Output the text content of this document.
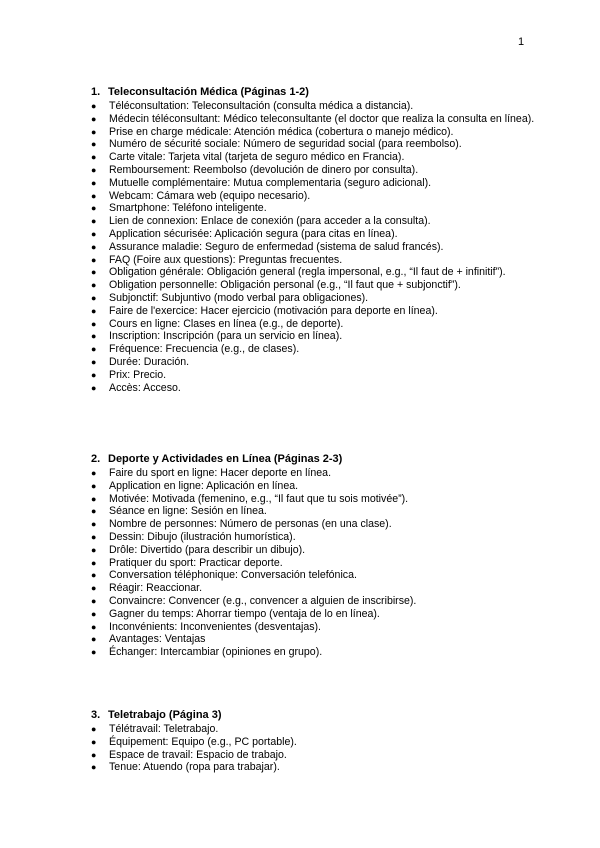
1
1. Teleconsultación Médica (Páginas 1-2)
● Téléconsultation: Teleconsultación (consulta médica a distancia).
● Médecin téléconsultant: Médico teleconsultante (el doctor que realiza la consulta en línea).
● Prise en charge médicale: Atención médica (cobertura o manejo médico).
● Numéro de sécurité sociale: Número de seguridad social (para reembolso).
● Carte vitale: Tarjeta vital (tarjeta de seguro médico en Francia).
● Remboursement: Reembolso (devolución de dinero por consulta).
● Mutuelle complémentaire: Mutua complementaria (seguro adicional).
● Webcam: Cámara web (equipo necesario).
● Smartphone: Teléfono inteligente.
● Lien de connexion: Enlace de conexión (para acceder a la consulta).
● Application sécurisée: Aplicación segura (para citas en línea).
● Assurance maladie: Seguro de enfermedad (sistema de salud francés).
● FAQ (Foire aux questions): Preguntas frecuentes.
● Obligation générale: Obligación general (regla impersonal, e.g., “Il faut de + infinitif”).
● Obligation personnelle: Obligación personal (e.g., “Il faut que + subjonctif”).
● Subjonctif: Subjuntivo (modo verbal para obligaciones).
● Faire de l'exercice: Hacer ejercicio (motivación para deporte en línea).
● Cours en ligne: Clases en línea (e.g., de deporte).
● Inscription: Inscripción (para un servicio en línea).
● Fréquence: Frecuencia (e.g., de clases).
● Durée: Duración.
● Prix: Precio.
● Accès: Acceso.
2. Deporte y Actividades en Línea (Páginas 2-3)
● Faire du sport en ligne: Hacer deporte en línea.
● Application en ligne: Aplicación en línea.
● Motivée: Motivada (femenino, e.g., “Il faut que tu sois motivée”).
● Séance en ligne: Sesión en línea.
● Nombre de personnes: Número de personas (en una clase).
● Dessin: Dibujo (ilustración humorística).
● Drôle: Divertido (para describir un dibujo).
● Pratiquer du sport: Practicar deporte.
● Conversation téléphonique: Conversación telefónica.
● Réagir: Reaccionar.
● Convaincre: Convencer (e.g., convencer a alguien de inscribirse).
● Gagner du temps: Ahorrar tiempo (ventaja de lo en línea).
● Inconvénients: Inconvenientes (desventajas).
● Avantages: Ventajas
● Échanger: Intercambiar (opiniones en grupo).
3. Teletrabajo (Página 3)
● Télétravail: Teletrabajo.
● Équipement: Equipo (e.g., PC portable).
● Espace de travail: Espacio de trabajo.
● Tenue: Atuendo (ropa para trabajar).
